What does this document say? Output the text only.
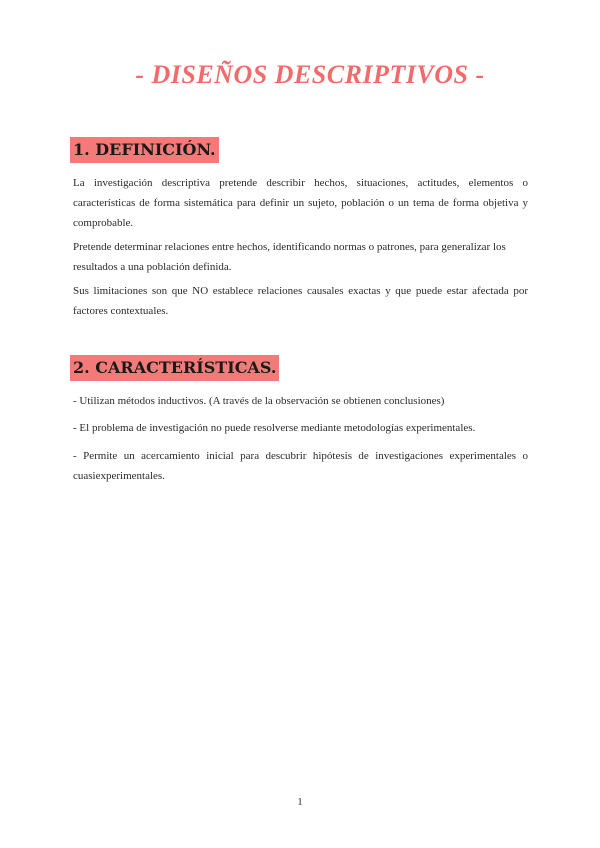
- DISEÑOS DESCRIPTIVOS -
1. DEFINICIÓN.

La investigación descriptiva pretende describir hechos, situaciones, actitudes, elementos o características de forma sistemática para definir un sujeto, población o un tema de forma objetiva y comprobable.

Pretende determinar relaciones entre hechos, identificando normas o patrones, para generalizar los resultados a una población definida.

Sus limitaciones son que NO establece relaciones causales exactas y que puede estar afectada por factores contextuales.

2. CARACTERÍSTICAS.

- Utilizan métodos inductivos. (A través de la observación se obtienen conclusiones)

- El problema de investigación no puede resolverse mediante metodologías experimentales.

- Permite un acercamiento inicial para descubrir hipótesis de investigaciones experimentales o cuasiexperimentales.

1
